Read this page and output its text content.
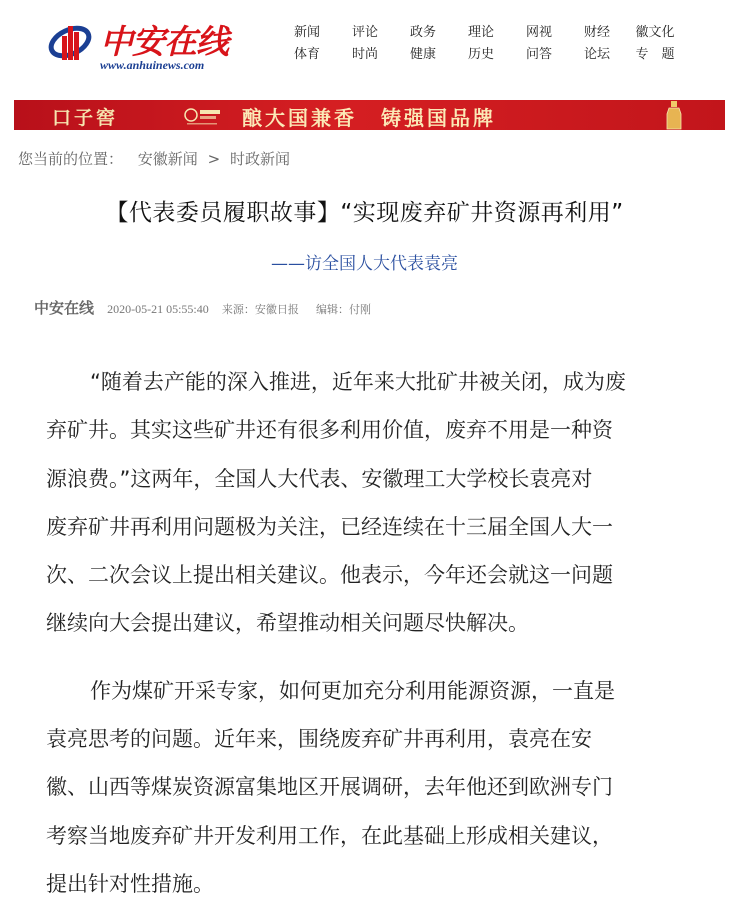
中安在线
www.anhuinews.com
新闻	评论	政务	理论	网视	财经	徽文化
体育	时尚	健康	历史	问答	论坛	专　题
口子窖	酿大国兼香 铸强国品牌
您当前的位置： 安徽新闻 > 时政新闻
【代表委员履职故事】“实现废弃矿井资源再利用”
——访全国人大代表袁亮
中安在线 2020-05-21 05:55:40 来源：安徽日报 编辑：付刚

“随着去产能的深入推进，近年来大批矿井被关闭，成为废
弃矿井。其实这些矿井还有很多利用价值，废弃不用是一种资
源浪费。”这两年，全国人大代表、安徽理工大学校长袁亮对
废弃矿井再利用问题极为关注，已经连续在十三届全国人大一
次、二次会议上提出相关建议。他表示，今年还会就这一问题
继续向大会提出建议，希望推动相关问题尽快解决。

作为煤矿开采专家，如何更加充分利用能源资源，一直是
袁亮思考的问题。近年来，围绕废弃矿井再利用，袁亮在安
徽、山西等煤炭资源富集地区开展调研，去年他还到欧洲专门
考察当地废弃矿井开发利用工作，在此基础上形成相关建议，
提出针对性措施。
